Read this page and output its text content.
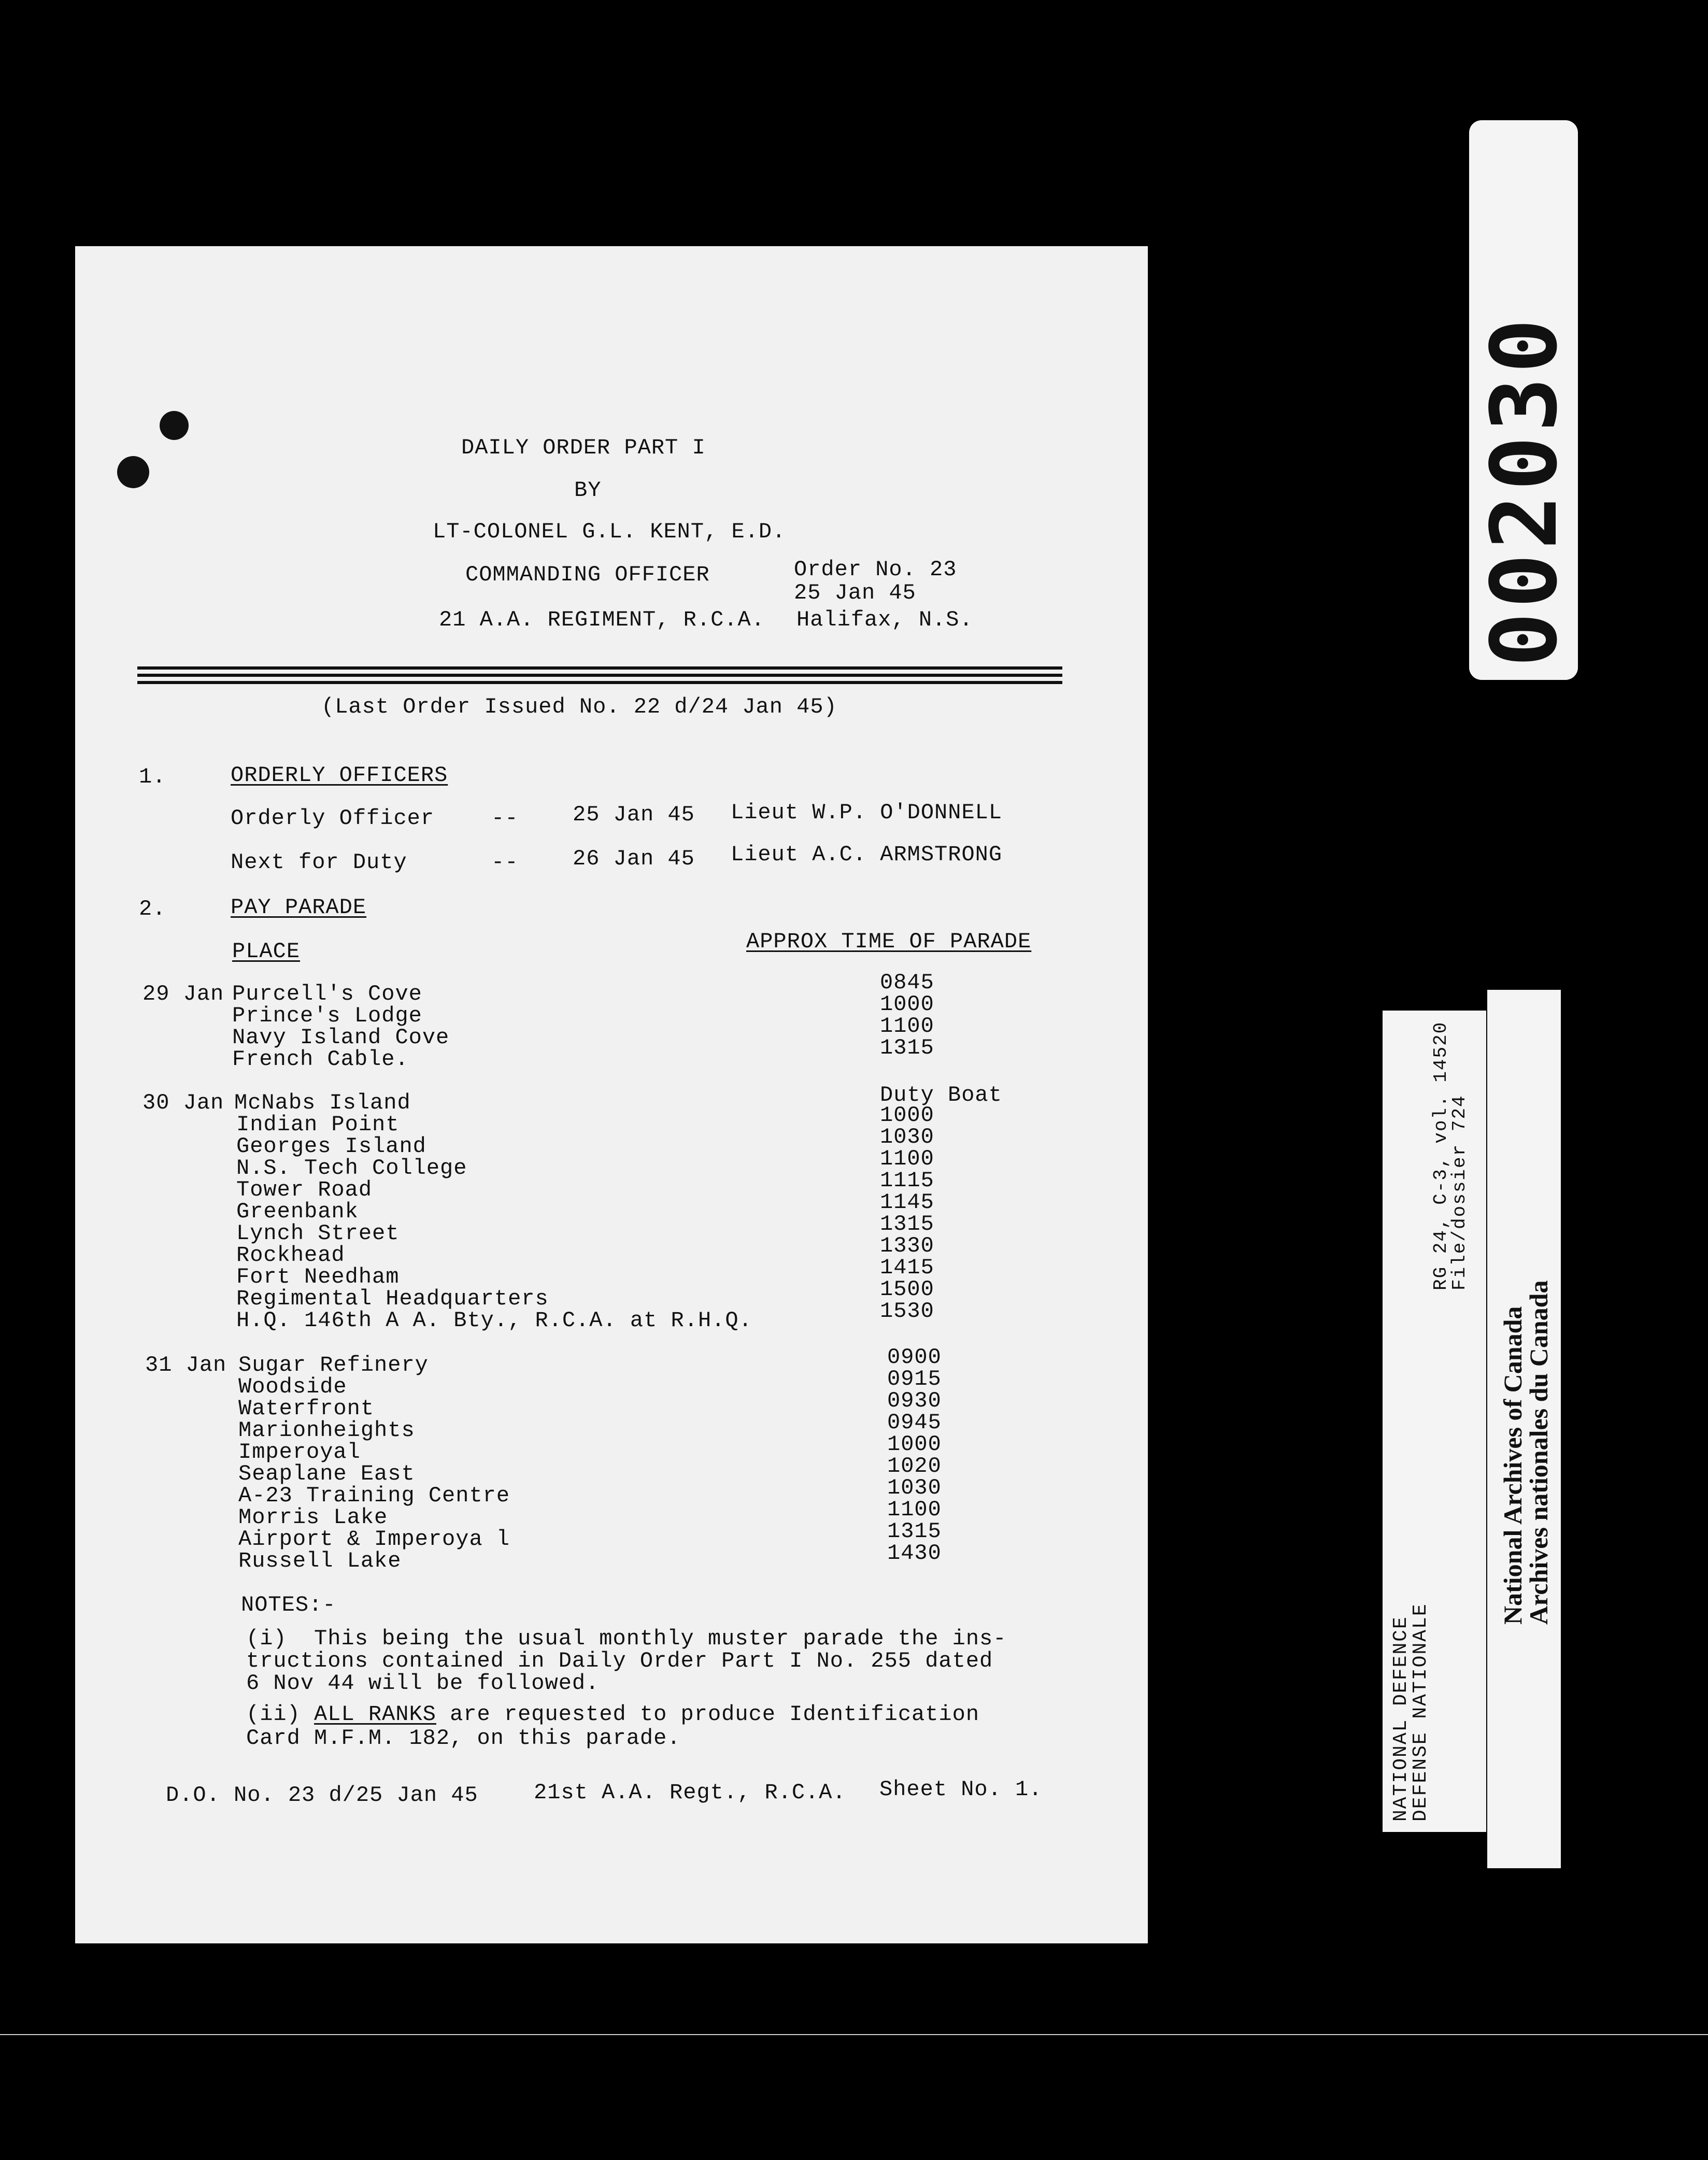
DAILY ORDER PART I
BY
LT-COLONEL G.L. KENT, E.D.
COMMANDING OFFICER	Order No. 23
25 Jan 45
21 A.A. REGIMENT, R.C.A. Halifax, N.S.
(Last Order Issued No. 22 d/24 Jan 45)
1.	ORDERLY OFFICERS
Orderly Officer	-- 25 Jan 45 Lieut W.P. O'DONNELL
Next for Duty	-- 26 Jan 45 Lieut A.C. ARMSTRONG
2.	PAY PARADE
PLACE	APPROX TIME OF PARADE
29 Jan Purcell's Cove	0845
Prince's Lodge	1000
Navy Island Cove	1100
French Cable.	1315
30 Jan McNabs Island	Duty Boat
Indian Point	1000
Georges Island	1030
N.S. Tech College	1100
Tower Road	1115
Greenbank	1145
Lynch Street	1315
Rockhead	1330
Fort Needham	1415
Regimental Headquarters	1500
H.Q. 146th A A. Bty., R.C.A. at R.H.Q.	1530
31 Jan Sugar Refinery	0900
Woodside	0915
Waterfront	0930
Marionheights	0945
Imperoyal	1000
Seaplane East	1020
A-23 Training Centre	1030
Morris Lake	1100
Airport & Imperoya l	1315
Russell Lake	1430
NOTES:-
(i)  This being the usual monthly muster parade the ins-
tructions contained in Daily Order Part I No. 255 dated
6 Nov 44 will be followed.
(ii) ALL RANKS are requested to produce Identification
Card M.F.M. 182, on this parade.
D.O. No. 23 d/25 Jan 45	21st A.A. Regt., R.C.A. Sheet No. 1.
002030
RG 24, C-3, vol. 14520
File/dossier 724
NATIONAL DEFENCE
DEFENSE NATIONALE
National Archives of Canada
Archives nationales du Canada
